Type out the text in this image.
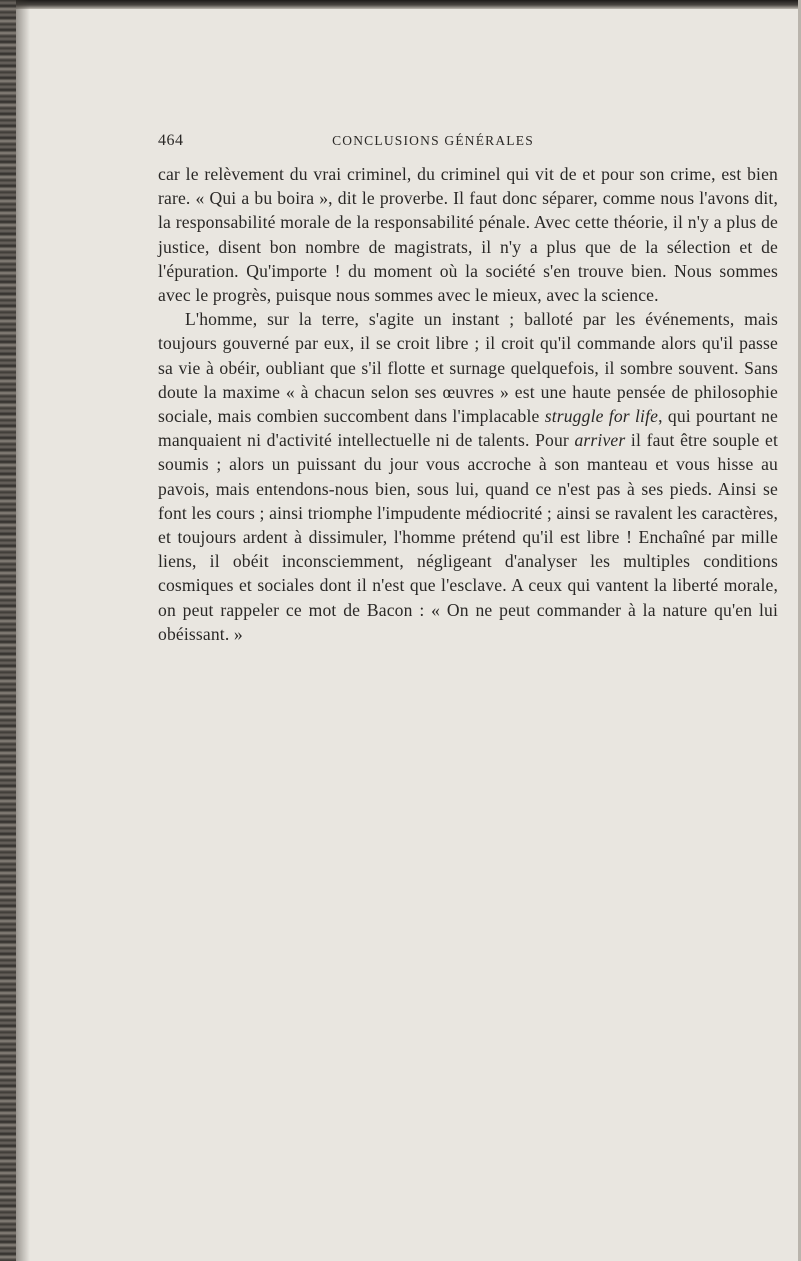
464	CONCLUSIONS GÉNÉRALES

car le relèvement du vrai criminel, du criminel qui vit de et pour son crime, est bien rare. « Qui a bu boira », dit le proverbe. Il faut donc séparer, comme nous l'avons dit, la responsabilité morale de la responsabilité pénale. Avec cette théorie, il n'y a plus de justice, disent bon nombre de magistrats, il n'y a plus que de la sélection et de l'épuration. Qu'importe ! du moment où la société s'en trouve bien. Nous sommes avec le progrès, puisque nous sommes avec le mieux, avec la science.

L'homme, sur la terre, s'agite un instant ; balloté par les événements, mais toujours gouverné par eux, il se croit libre ; il croit qu'il commande alors qu'il passe sa vie à obéir, oubliant que s'il flotte et surnage quelquefois, il sombre souvent. Sans doute la maxime « à chacun selon ses œuvres » est une haute pensée de philosophie sociale, mais combien succombent dans l'implacable struggle for life, qui pourtant ne manquaient ni d'activité intellectuelle ni de talents. Pour arriver il faut être souple et soumis ; alors un puissant du jour vous accroche à son manteau et vous hisse au pavois, mais entendons-nous bien, sous lui, quand ce n'est pas à ses pieds. Ainsi se font les cours ; ainsi triomphe l'impudente médiocrité ; ainsi se ravalent les caractères, et toujours ardent à dissimuler, l'homme prétend qu'il est libre ! Enchaîné par mille liens, il obéit inconsciemment, négligeant d'analyser les multiples conditions cosmiques et sociales dont il n'est que l'esclave. A ceux qui vantent la liberté morale, on peut rappeler ce mot de Bacon : « On ne peut commander à la nature qu'en lui obéissant. »
